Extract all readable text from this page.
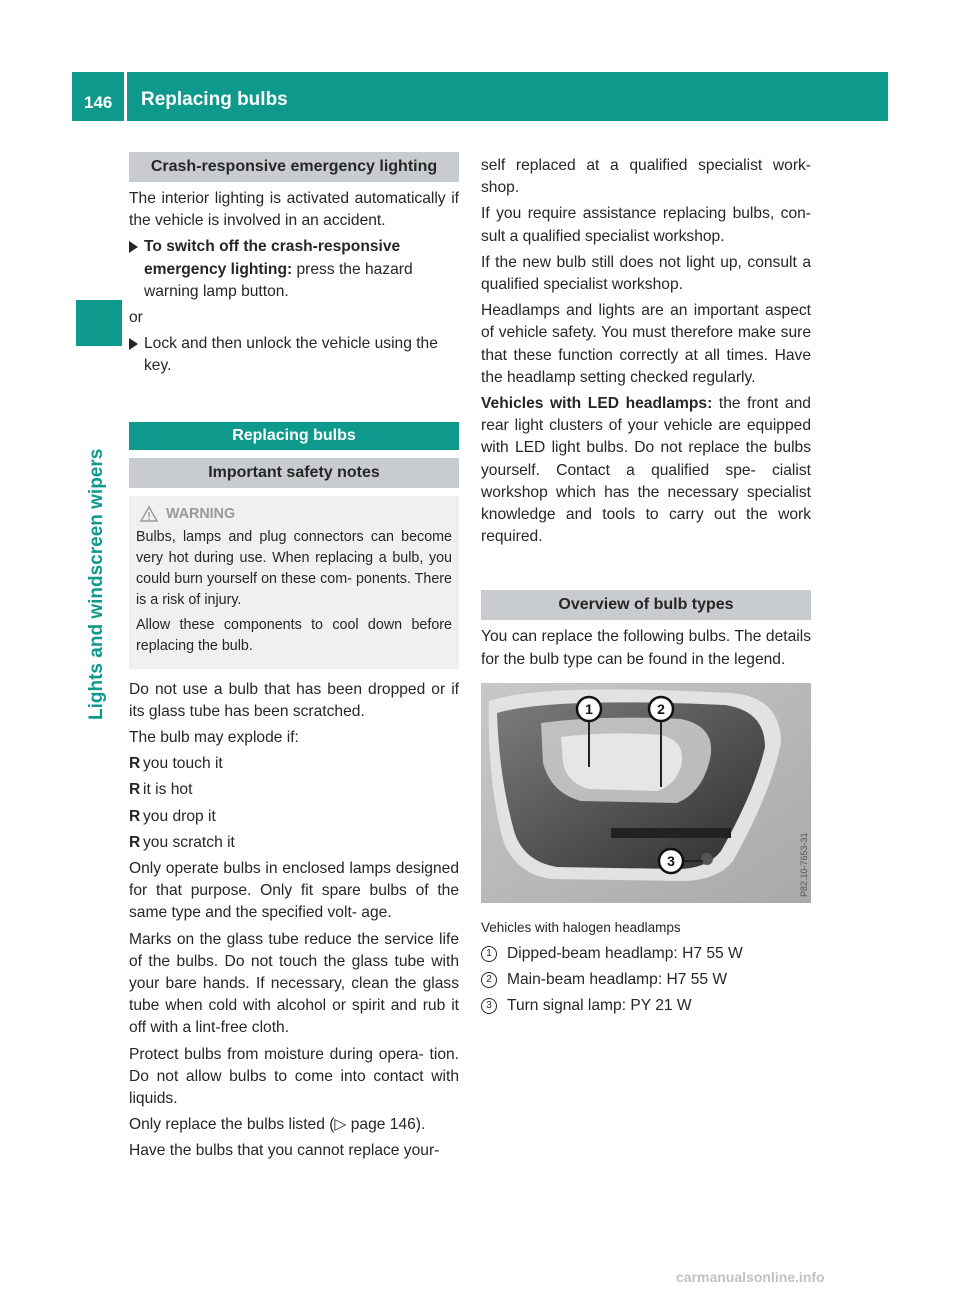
146 Replacing bulbs
Lights and windscreen wipers
Crash-responsive emergency lighting

The interior lighting is activated automatically if the vehicle is involved in an accident.

To switch off the crash-responsive emergency lighting: press the hazard warning lamp button.

or

Lock and then unlock the vehicle using the key.
Replacing bulbs
Important safety notes
WARNING

Bulbs, lamps and plug connectors can become very hot during use. When replacing a bulb, you could burn yourself on these com- ponents. There is a risk of injury.

Allow these components to cool down before replacing the bulb.

Do not use a bulb that has been dropped or if its glass tube has been scratched.

The bulb may explode if:

R you touch it
R it is hot
R you drop it
R you scratch it

Only operate bulbs in enclosed lamps designed for that purpose. Only fit spare bulbs of the same type and the specified volt- age.

Marks on the glass tube reduce the service life of the bulbs. Do not touch the glass tube with your bare hands. If necessary, clean the glass tube when cold with alcohol or spirit and rub it off with a lint-free cloth.

Protect bulbs from moisture during opera- tion. Do not allow bulbs to come into contact with liquids.

Only replace the bulbs listed (▷ page 146).

Have the bulbs that you cannot replace your-

self replaced at a qualified specialist work- shop.

If you require assistance replacing bulbs, con- sult a qualified specialist workshop.

If the new bulb still does not light up, consult a qualified specialist workshop.

Headlamps and lights are an important aspect of vehicle safety. You must therefore make sure that these function correctly at all times. Have the headlamp setting checked regularly.

Vehicles with LED headlamps: the front and rear light clusters of your vehicle are equipped with LED light bulbs. Do not replace the bulbs yourself. Contact a qualified spe- cialist workshop which has the necessary specialist knowledge and tools to carry out the work required.

Overview of bulb types

You can replace the following bulbs. The details for the bulb type can be found in the legend.

1	2
3	P82.10-7653-31
Vehicles with halogen headlamps
1 Dipped-beam headlamp: H7 55 W
2 Main-beam headlamp: H7 55 W
3 Turn signal lamp: PY 21 W
carmanualsonline.info
